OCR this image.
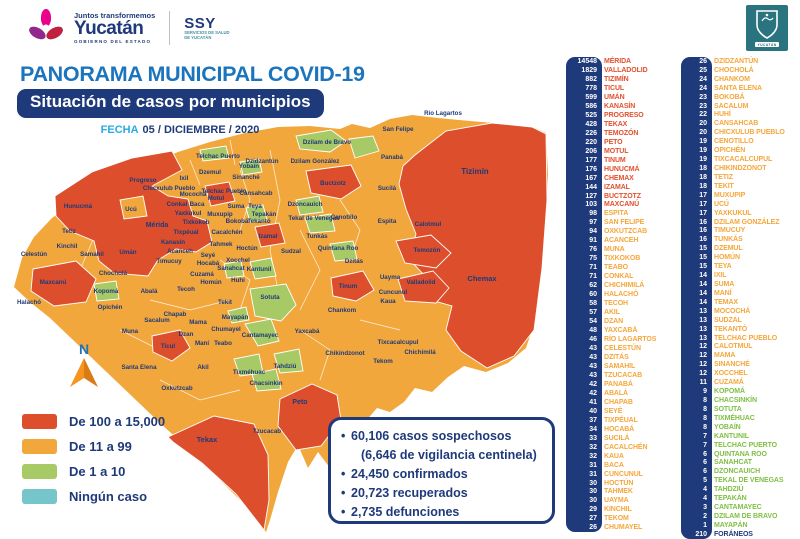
Río Lagartos
San Felipe
Dzilam de Bravo
Panabá
Dzilam González
Tizimín
Buctzotz
Sucilá
Dzidzantún
Yobaín
Sinanché
Telchac Puerto
Dzemul
Ixil
Progreso
Chicxulub Pueblo Telchac Pueblo
Cansahcab
Mocochá
Motul
Conkal Baca	Suma Teya
Tepakán
Hunucmá	Ucú
Yaxkukul Muxupip
Mérida Tixkokob	Bokobá Tekantó
Tetiz	Tixpéual Cacalchén
Izamal
Kinchil
Celestún	Samahil	Umán
Kanasín	Tahmek
Hoctún
Acanceh
Seyé
Xocchel
Timucuy Hocabá
Sanahcat Kantunil
Chocholá	Cuzamá
Homún Huhí
Maxcanú
Kopomá	Abalá	Tecoh
Halachó	Tekit
Opichén
Dzoncauich
Tekal de Venegas
Cenotillo
Espita	Calotmul
Tunkás
Sudzal	Quintana Roo
Dzitás
Temozón
Tinum
Uayma
Valladolid	Chemax
Cuncunul
Kaua
Sotuta
Chankom
Chapab
Sacalum	Mama
Mayapán
Chumayel
Cantamayec
Yaxcabá
Muna	Dzan
Maní Teabo
Ticul
Chikindzonot
Tixcacalcupul
Chichimilá
Tekom
Santa Elena	Akil
Tixméhuac
Tahdziú
Chacsinkín
Oxkutzcab
Peto
Tzucacab
Tekax
N
Juntos transformemos
Yucatán
GOBIERNO DEL ESTADO
SSY
SERVICIOS DE SALUD DE YUCATÁN
YUCATÁN
PANORAMA MUNICIPAL COVID-19
Situación de casos por municipios
FECHA 05 / DICIEMBRE / 2020
De 100 a 15,000
De 11 a 99
De 1 a 10
Ningún caso
• 60,106 casos sospechosos
(6,646 de vigilancia centinela)
• 24,450 confirmados
• 20,723 recuperados
• 2,735 defunciones
14548 MÉRIDA
1829 VALLADOLID
882 TIZIMÍN
778 TICUL
599 UMÁN
586 KANASÍN
525 PROGRESO
428 TEKAX
226 TEMOZÓN
220 PETO
206 MOTUL
177 TINUM
176 HUNUCMÁ
167 CHEMAX
144 IZAMAL
127 BUCTZOTZ
103 MAXCANÚ
98 ESPITA
97 SAN FELIPE
94 OXKUTZCAB
91 ACANCEH
76 MUNA
75 TIXKOKOB
71 TEABO
71 CONKAL
62 CHICHIMILÁ
60 HALACHÓ
58 TECOH
57 AKIL
54 DZAN
48 YAXCABÁ
46 RÍO LAGARTOS
43 CELESTÚN
43 DZITÁS
43 SAMAHIL
43 TZUCACAB
42 PANABÁ
42 ABALÁ
41 CHAPAB
40 SEYÉ
37 TIXPÉUAL
34 HOCABÁ
33 SUCILÁ
32 CACALCHÉN
32 KAUA
31 BACA
31 CUNCUNUL
30 HOCTÚN
30 TAHMEK
30 UAYMA
29 KINCHIL
27 TEKOM
26 CHUMAYEL
26 DZIDZANTÚN
25 CHOCHOLÁ
24 CHANKOM
24 SANTA ELENA
23 BOKOBÁ
23 SACALUM
22 HUHÍ
20 CANSAHCAB
20 CHICXULUB PUEBLO
19 CENOTILLO
19 OPICHÉN
19 TIXCACALCUPUL
18 CHIKINDZONOT
18 TETIZ
18 TEKIT
17 MUXUPIP
17 UCÚ
17 YAXKUKUL
16 DZILAM GONZÁLEZ
16 TIMUCUY
16 TUNKÁS
15 DZEMUL
15 HOMÚN
15 TEYA
14 IXIL
14 SUMA
14 MANÍ
14 TEMAX
13 MOCOCHÁ
13 SUDZAL
13 TEKANTÓ
13 TELCHAC PUEBLO
12 CALOTMUL
12 MAMA
12 SINANCHÉ
12 XOCCHEL
11 CUZAMÁ
9 KOPOMÁ
8 CHACSINKÍN
8 SOTUTA
8 TIXMÉHUAC
8 YOBAÍN
7 KANTUNIL
7 TELCHAC PUERTO
6 QUINTANA ROO
6 SANAHCAT
6 DZONCAUICH
5 TEKAL DE VENEGAS
4 TAHDZIÚ
4 TEPAKÁN
3 CANTAMAYEC
2 DZILAM DE BRAVO
1 MAYAPÁN
210 FORÁNEOS
